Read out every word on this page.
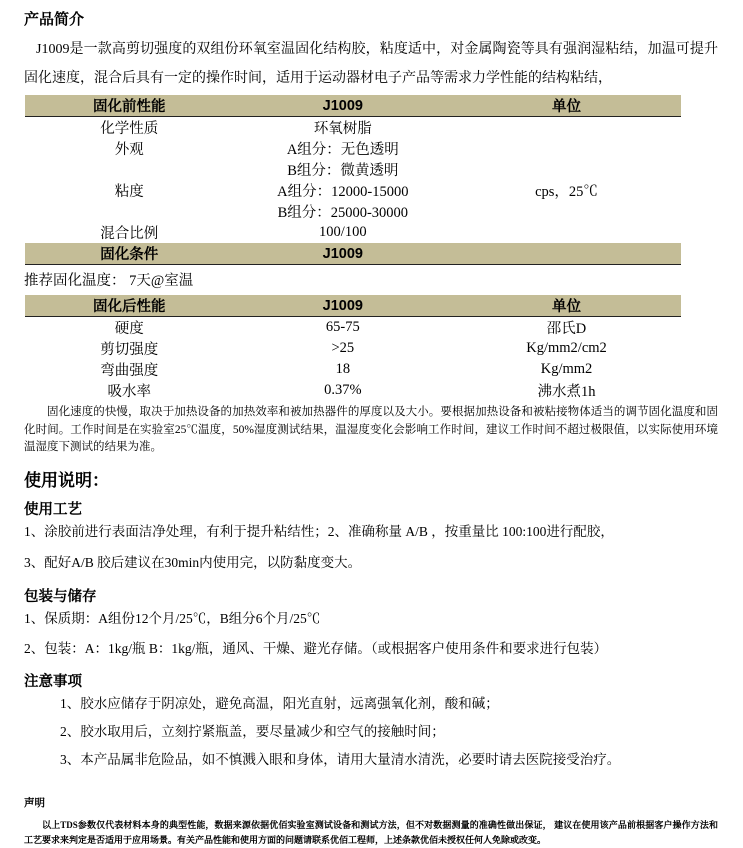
产品简介

J1009是一款高剪切强度的双组份环氧室温固化结构胶，粘度适中，对金属陶瓷等具有强润湿粘结，加温可提升固化速度，混合后具有一定的操作时间，适用于运动器材电子产品等需求力学性能的结构粘结，

固化前性能	J1009	单位
化学性质	环氧树脂	
外观	A组分：无色透明	
	B组分：微黄透明	
粘度	A组分：12000-15000	cps，25℃
	B组分：25000-30000	
混合比例	100/100	
固化条件	J1009	

推荐固化温度： 7天@室温

固化后性能	J1009	单位
硬度	65-75	邵氏D
剪切强度	>25	Kg/mm2/cm2
弯曲强度	18	Kg/mm2
吸水率	0.37%	沸水煮1h

固化速度的快慢，取决于加热设备的加热效率和被加热器件的厚度以及大小。要根据加热设备和被粘接物体适当的调节固化温度和固化时间。工作时间是在实验室25℃温度，50%湿度测试结果，温湿度变化会影响工作时间，建议工作时间不超过极限值，以实际使用环境温湿度下测试的结果为准。

使用说明：
使用工艺
1、涂胶前进行表面洁净处理，有利于提升粘结性；2、准确称量 A/B ，按重量比 100:100进行配胶，
3、配好A/B 胶后建议在30min内使用完，以防黏度变大。
包装与储存
1、保质期：A组份12个月/25℃，B组分6个月/25℃
2、包装：A：1kg/瓶 B：1kg/瓶，通风、干燥、避光存储。（或根据客户使用条件和要求进行包装）
注意事项
1、胶水应储存于阴凉处，避免高温，阳光直射，远离强氧化剂，酸和碱；
2、胶水取用后，立刻拧紧瓶盖，要尽量减少和空气的接触时间；
3、本产品属非危险品，如不慎溅入眼和身体，请用大量清水清洗，必要时请去医院接受治疗。
声明

以上TDS参数仅代表材料本身的典型性能，数据来源依据优佰实验室测试设备和测试方法，但不对数据测量的准确性做出保证， 建议在使用该产品前根据客户操作方法和工艺要求来判定是否适用于应用场景。有关产品性能和使用方面的问题请联系优佰工程师，上述条款优佰未授权任何人免除或改变。
